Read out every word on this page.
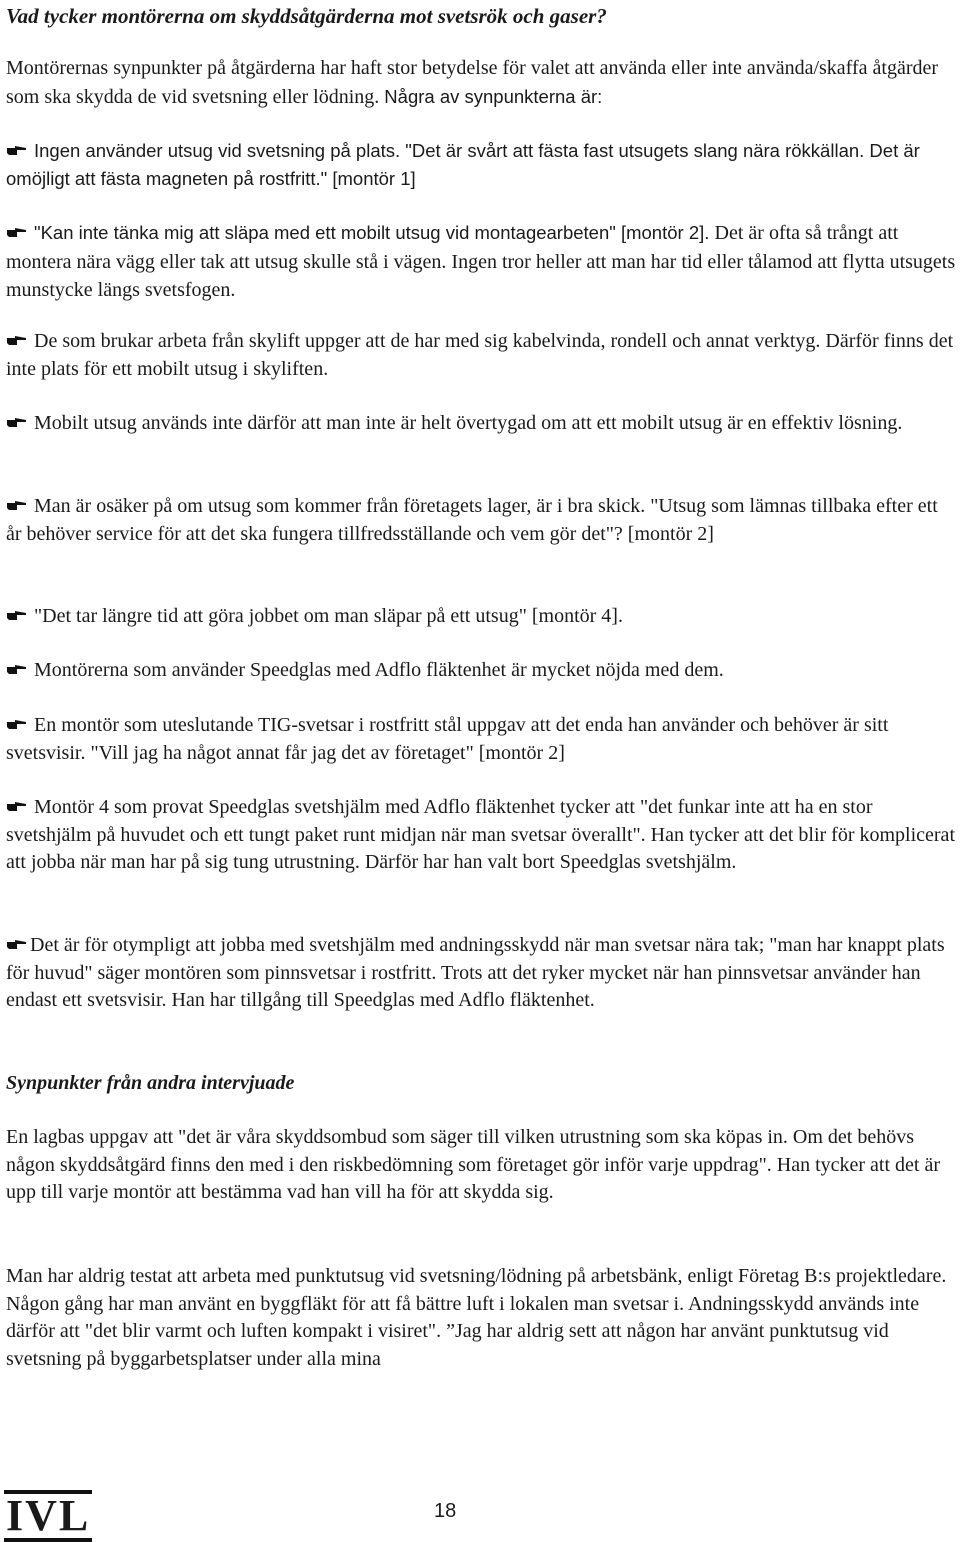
Vad tycker montörerna om skyddsåtgärderna mot svetsrök och gaser?
Montörernas synpunkter på åtgärderna har haft stor betydelse för valet att använda eller inte använda/skaffa åtgärder som ska skydda de vid svetsning eller lödning. Några av synpunkterna är:
Ingen använder utsug vid svetsning på plats. "Det är svårt att fästa fast utsugets slang nära rökkällan. Det är omöjligt att fästa magneten på rostfritt." [montör 1]
"Kan inte tänka mig att släpa med ett mobilt utsug vid montagearbeten" [montör 2]. Det är ofta så trångt att montera nära vägg eller tak att utsug skulle stå i vägen. Ingen tror heller att man har tid eller tålamod att flytta utsugets munstycke längs svetsfogen.
De som brukar arbeta från skylift uppger att de har med sig kabelvinda, rondell och annat verktyg. Därför finns det inte plats för ett mobilt utsug i skyliften.
Mobilt utsug används inte därför att man inte är helt övertygad om att ett mobilt utsug är en effektiv lösning.
Man är osäker på om utsug som kommer från företagets lager, är i bra skick. "Utsug som lämnas tillbaka efter ett år behöver service för att det ska fungera tillfredsställande och vem gör det"? [montör 2]
"Det tar längre tid att göra jobbet om man släpar på ett utsug" [montör 4].
Montörerna som använder Speedglas med Adflo fläktenhet är mycket nöjda med dem.
En montör som uteslutande TIG-svetsar i rostfritt stål uppgav att det enda han använder och behöver är sitt svetsvisir. "Vill jag ha något annat får jag det av företaget" [montör 2]
Montör 4 som provat Speedglas svetshjälm med Adflo fläktenhet tycker att "det funkar inte att ha en stor svetshjälm på huvudet och ett tungt paket runt midjan när man svetsar överallt". Han tycker att det blir för komplicerat att jobba när man har på sig tung utrustning. Därför har han valt bort Speedglas svetshjälm.
Det är för otympligt att jobba med svetshjälm med andningsskydd när man svetsar nära tak; "man har knappt plats för huvud" säger montören som pinnsvetsar i rostfritt. Trots att det ryker mycket när han pinnsvetsar använder han endast ett svetsvisir. Han har tillgång till Speedglas med Adflo fläktenhet.
Synpunkter från andra intervjuade
En lagbas uppgav att "det är våra skyddsombud som säger till vilken utrustning som ska köpas in. Om det behövs någon skyddsåtgärd finns den med i den riskbedömning som företaget gör inför varje uppdrag". Han tycker att det är upp till varje montör att bestämma vad han vill ha för att skydda sig.
Man har aldrig testat att arbeta med punktutsug vid svetsning/lödning på arbetsbänk, enligt Företag B:s projektledare. Någon gång har man använt en byggfläkt för att få bättre luft i lokalen man svetsar i. Andningsskydd används inte därför att "det blir varmt och luften kompakt i visiret". ”Jag har aldrig sett att någon har använt punktutsug vid svetsning på byggarbetsplatser under alla mina
IVL	18
